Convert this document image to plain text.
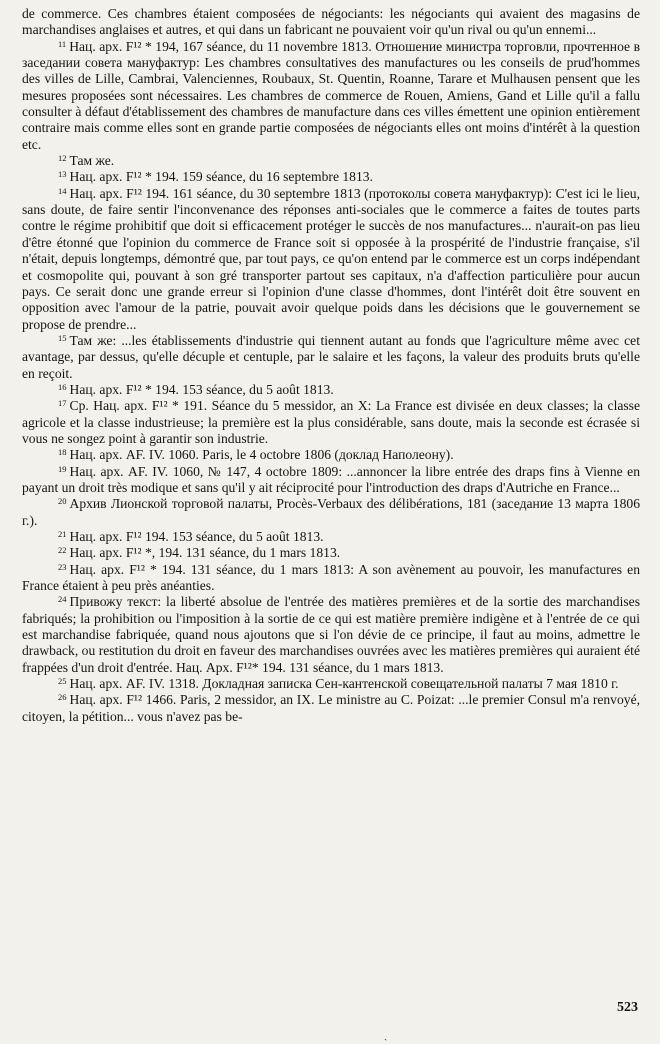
de commerce. Ces chambres étaient composées de négociants: les négociants qui avaient des magasins de marchandises anglaises et autres, et qui dans un fabricant ne pouvaient voir qu'un rival ou qu'un ennemi...

$^{11}$ Нац. арх. F¹² * 194, 167 séance, du 11 novembre 1813. Отношение министра торговли, прочтенное в заседании совета мануфактур: Les chambres consultatives des manufactures ou les conseils de prud'hommes des villes de Lille, Cambrai, Valenciennes, Roubaux, St. Quentin, Roanne, Tarare et Mulhausen pensent que les mesures proposées sont nécessaires. Les chambres de commerce de Rouen, Amiens, Gand et Lille qu'il a fallu consulter à défaut d'établissement des chambres de manufacture dans ces villes émettent une opinion entièrement contraire mais comme elles sont en grande partie composées de négociants elles ont moins d'intérêt à la question etc.

$^{12}$ Там же.

$^{13}$ Нац. арх. F¹² * 194. 159 séance, du 16 septembre 1813.

$^{14}$ Нац. арх. F¹² 194. 161 séance, du 30 septembre 1813 (протоколы совета мануфактур): C'est ici le lieu, sans doute, de faire sentir l'inconvenance des réponses anti-sociales que le commerce a faites de toutes parts contre le régime prohibitif que doit si efficacement protéger le succès de nos manufactures... n'aurait-on pas lieu d'être étonné que l'opinion du commerce de France soit si opposée à la prospérité de l'industrie française, s'il n'était, depuis longtemps, démontré que, par tout pays, ce qu'on entend par le commerce est un corps indépendant et cosmopolite qui, pouvant à son gré transporter partout ses capitaux, n'a d'affection particulière pour aucun pays. Ce serait donc une grande erreur si l'opinion d'une classe d'hommes, dont l'intérêt doit être souvent en opposition avec l'amour de la patrie, pouvait avoir quelque poids dans les décisions que le gouvernement se propose de prendre...

$^{15}$ Там же: ...les établissements d'industrie qui tiennent autant au fonds que l'agriculture même avec cet avantage, par dessus, qu'elle décuple et centuple, par le salaire et les façons, la valeur des produits bruts qu'elle en reçoit.

$^{16}$ Нац. арх. F¹² * 194. 153 séance, du 5 août 1813.

$^{17}$ Ср. Нац. арх. F¹² * 191. Séance du 5 messidor, an X: La France est divisée en deux classes; la classe agricole et la classe industrieuse; la première est la plus considérable, sans doute, mais la seconde est écrasée si vous ne songez point à garantir son industrie.

$^{18}$ Нац. арх. AF. IV. 1060. Paris, le 4 octobre 1806 (доклад Наполеону).

$^{19}$ Нац. арх. AF. IV. 1060, № 147, 4 octobre 1809: ...annoncer la libre entrée des draps fins à Vienne en payant un droit très modique et sans qu'il y ait réciprocité pour l'introduction des draps d'Autriche en France...

$^{20}$ Архив Лионской торговой палаты, Procès-Verbaux des délibérations, 181 (заседание 13 марта 1806 г.).

$^{21}$ Нац. арх. F¹² 194. 153 séance, du 5 août 1813.

$^{22}$ Нац. арх. F¹² *, 194. 131 séance, du 1 mars 1813.

$^{23}$ Нац. арх. F¹² * 194. 131 séance, du 1 mars 1813: A son avènement au pouvoir, les manufactures en France étaient à peu près anéanties.

$^{24}$ Привожу текст: la liberté absolue de l'entrée des matières premières et de la sortie des marchandises fabriqués; la prohibition ou l'imposition à la sortie de ce qui est matière première indigène et à l'entrée de ce qui est marchandise fabriquée, quand nous ajoutons que si l'on dévie de ce principe, il faut au moins, admettre le drawback, ou restitution du droit en faveur des marchandises ouvrées avec les matières premières qui auraient été frappées d'un droit d'entrée. Нац. Арх. F¹²* 194. 131 séance, du 1 mars 1813.

$^{25}$ Нац. арх. AF. IV. 1318. Докладная записка Сен-кантенской совещательной палаты 7 мая 1810 г.

$^{26}$ Нац. арх. F¹² 1466. Paris, 2 messidor, an IX. Le ministre au C. Poizat: ...le premier Consul m'a renvoyé, citoyen, la pétition... vous n'avez pas be-

523
ˎ
